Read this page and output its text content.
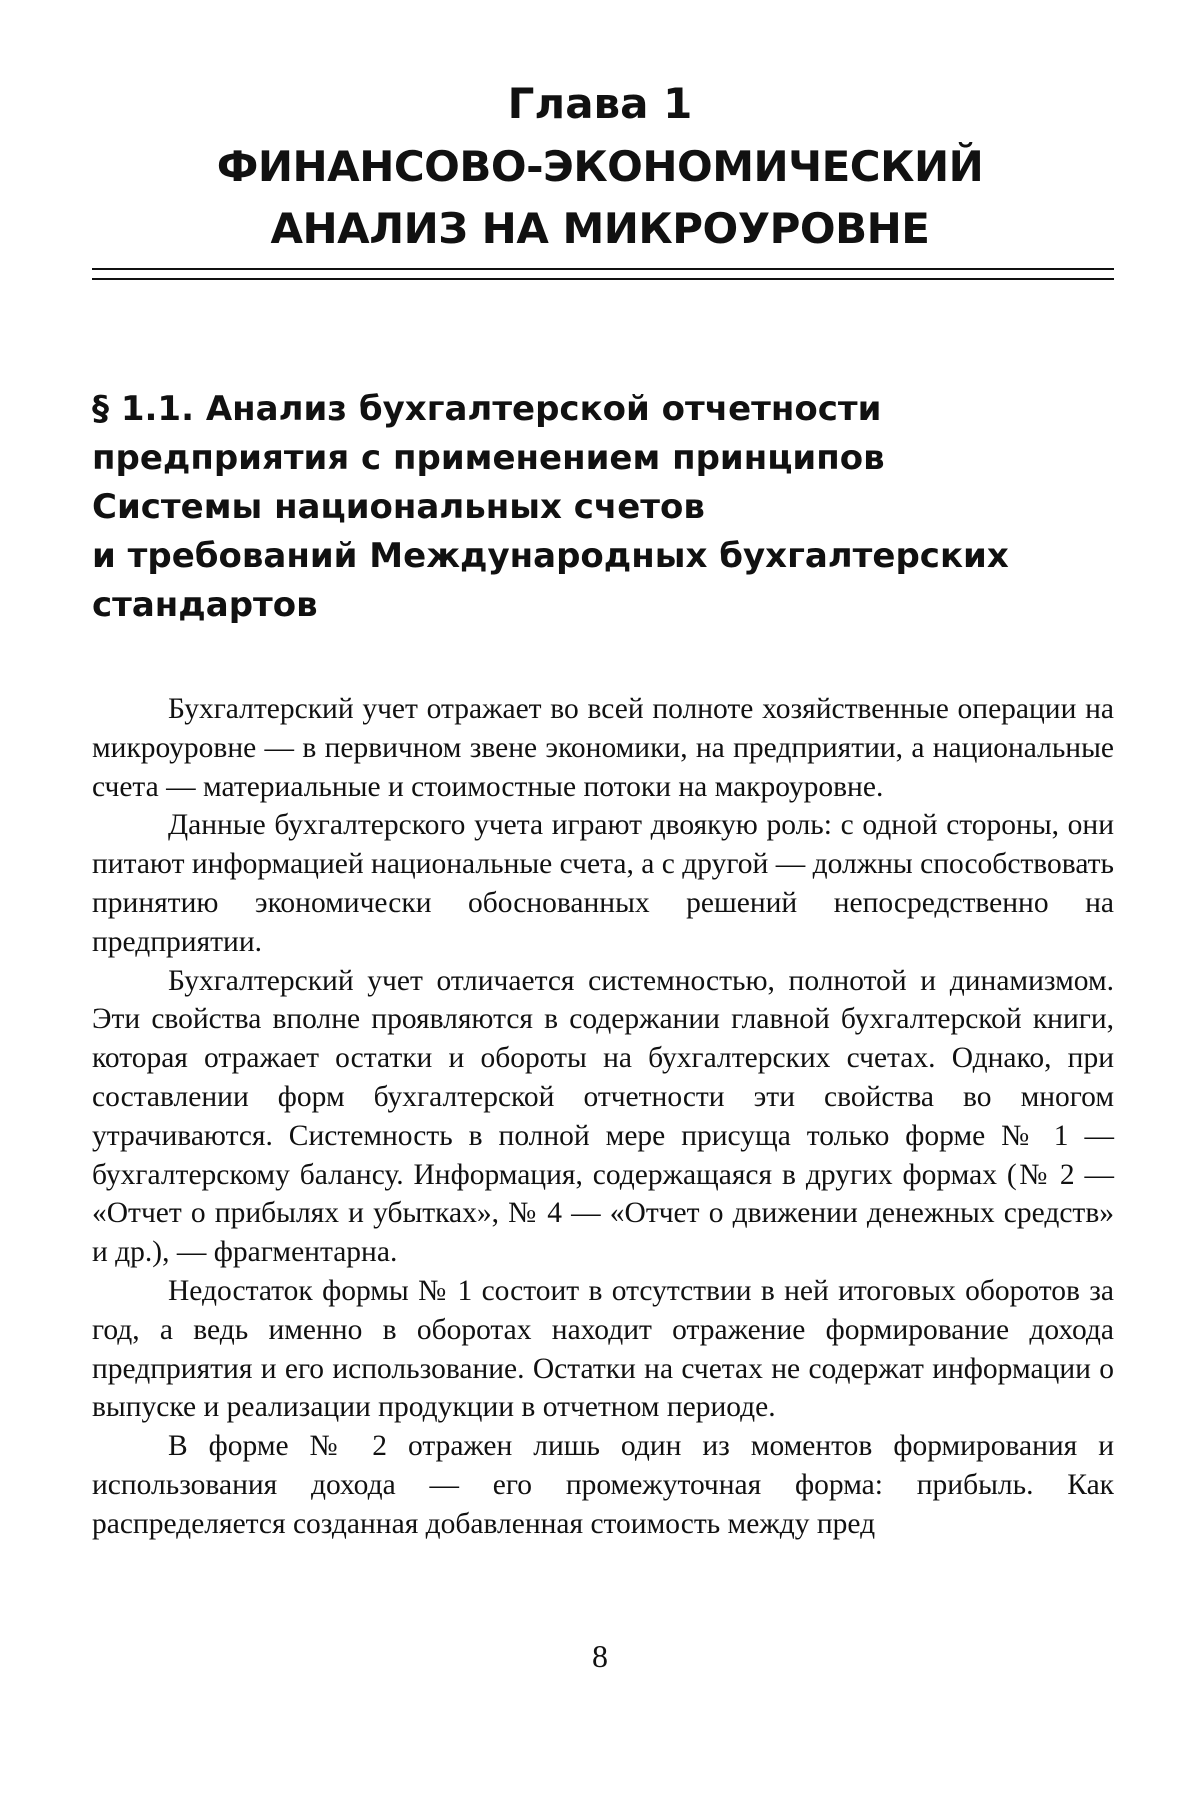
Глава 1
ФИНАНСОВО-ЭКОНОМИЧЕСКИЙ
АНАЛИЗ НА МИКРОУРОВНЕ
§ 1.1. Анализ бухгалтерской отчетности
предприятия с применением принципов
Системы национальных счетов
и требований Международных бухгалтерских
стандартов

Бухгалтерский учет отражает во всей полноте хозяйственные операции на микроуровне — в первичном звене экономики, на предприятии, а национальные счета — материальные и стоимостные потоки на макроуровне.

Данные бухгалтерского учета играют двоякую роль: с одной стороны, они питают информацией национальные счета, а с другой — должны способствовать принятию экономически обоснованных решений непосредственно на предприятии.

Бухгалтерский учет отличается системностью, полнотой и динамизмом. Эти свойства вполне проявляются в содержании главной бухгалтерской книги, которая отражает остатки и обороты на бухгалтерских счетах. Однако, при составлении форм бухгалтерской отчетности эти свойства во многом утрачиваются. Системность в полной мере присуща только форме № 1 — бухгалтерскому балансу. Информация, содержащаяся в других формах (№ 2 — «Отчет о прибылях и убытках», № 4 — «Отчет о движении денежных средств» и др.), — фрагментарна.

Недостаток формы № 1 состоит в отсутствии в ней итоговых оборотов за год, а ведь именно в оборотах находит отражение формирование дохода предприятия и его использование. Остатки на счетах не содержат информации о выпуске и реализации продукции в отчетном периоде.

В форме № 2 отражен лишь один из моментов формирования и использования дохода — его промежуточная форма: прибыль. Как распределяется созданная добавленная стоимость между пред

8
